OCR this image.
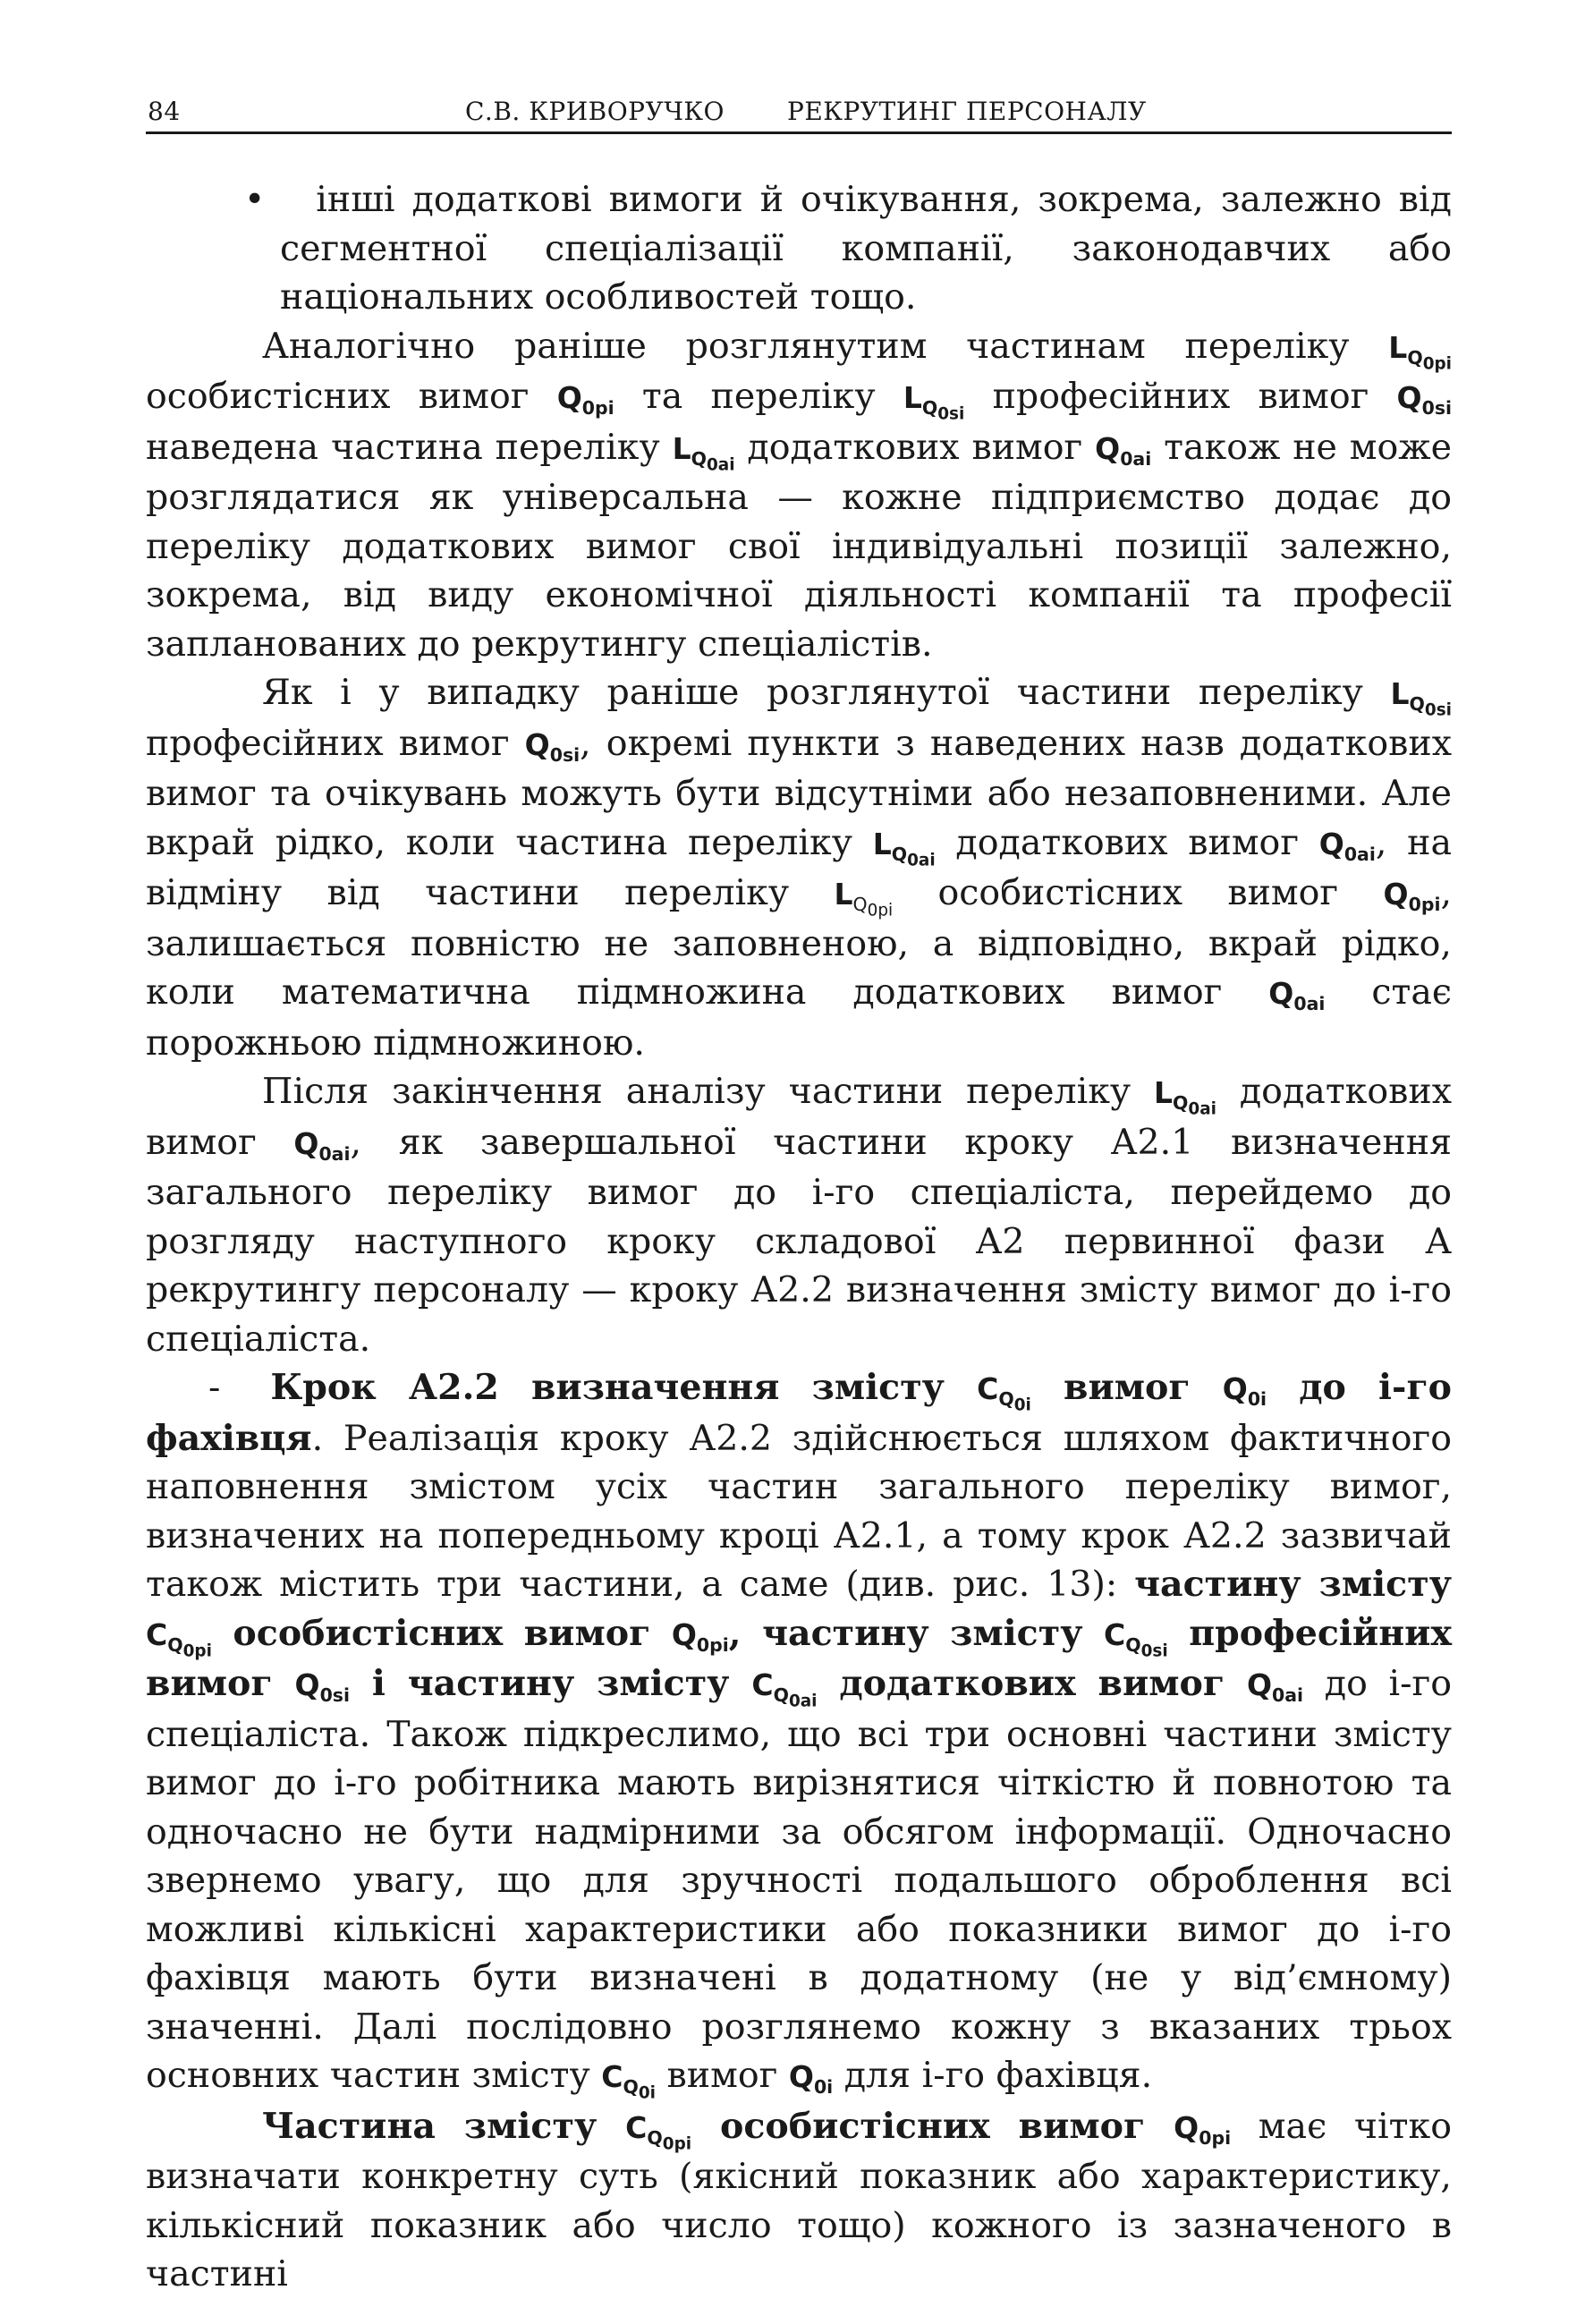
84	С.В. КРИВОРУЧКО РЕКРУТИНГ ПЕРСОНАЛУ

• інші додаткові вимоги й очікування, зокрема, залежно від сегментної спеціалізації компанії, законодавчих або національних особливостей тощо.

Аналогічно раніше розглянутим частинам переліку $L_{Q_{0pi}}$ особистісних вимог $Q_{0pi}$ та переліку $L_{Q_{0si}}$ професійних вимог $Q_{0si}$ наведена частина переліку $L_{Q_{0ai}}$ додаткових вимог $Q_{0ai}$ також не може розглядатися як універсальна — кожне підприємство додає до переліку додаткових вимог свої індивідуальні позиції залежно, зокрема, від виду економічної діяльності компанії та професії запланованих до рекрутингу спеціалістів.

Як і у випадку раніше розглянутої частини переліку $L_{Q_{0si}}$ професійних вимог $Q_{0si}$, окремі пункти з наведених назв додаткових вимог та очікувань можуть бути відсутніми або незаповненими. Але вкрай рідко, коли частина переліку $L_{Q_{0ai}}$ додаткових вимог $Q_{0ai}$, на відміну від частини переліку $L_{Q_{0pi}}$ особистісних вимог $Q_{0pi}$, залишається повністю не заповненою, а відповідно, вкрай рідко, коли математична підмножина додаткових вимог $Q_{0ai}$ стає порожньою підмножиною.

Після закінчення аналізу частини переліку $L_{Q_{0ai}}$ додаткових вимог $Q_{0ai}$, як завершальної частини кроку А2.1 визначення загального переліку вимог до і-го спеціаліста, перейдемо до розгляду наступного кроку складової А2 первинної фази А рекрутингу персоналу — кроку А2.2 визначення змісту вимог до і-го спеціаліста.

- Крок А2.2 визначення змісту $C_{Q_{0i}}$ вимог $Q_{0i}$ до і-го фахівця. Реалізація кроку А2.2 здійснюється шляхом фактичного наповнення змістом усіх частин загального переліку вимог, визначених на попередньому кроці А2.1, а тому крок А2.2 зазвичай також містить три частини, а саме (див. рис. 13): частину змісту $C_{Q_{0pi}}$ особистісних вимог $Q_{0pi}$, частину змісту $C_{Q_{0si}}$ професійних вимог $Q_{0si}$ і частину змісту $C_{Q_{0ai}}$ додаткових вимог $Q_{0ai}$ до і-го спеціаліста. Також підкреслимо, що всі три основні частини змісту вимог до і-го робітника мають вирізнятися чіткістю й повнотою та одночасно не бути надмірними за обсягом інформації. Одночасно звернемо увагу, що для зручності подальшого оброблення всі можливі кількісні характеристики або показники вимог до і-го фахівця мають бути визначені в додатному (не у від’ємному) значенні. Далі послідовно розглянемо кожну з вказаних трьох основних частин змісту $C_{Q_{0i}}$ вимог $Q_{0i}$ для і-го фахівця.

Частина змісту $C_{Q_{0pi}}$ особистісних вимог $Q_{0pi}$ має чітко визначати конкретну суть (якісний показник або характеристику, кількісний показник або число тощо) кожного із зазначеного в частині
